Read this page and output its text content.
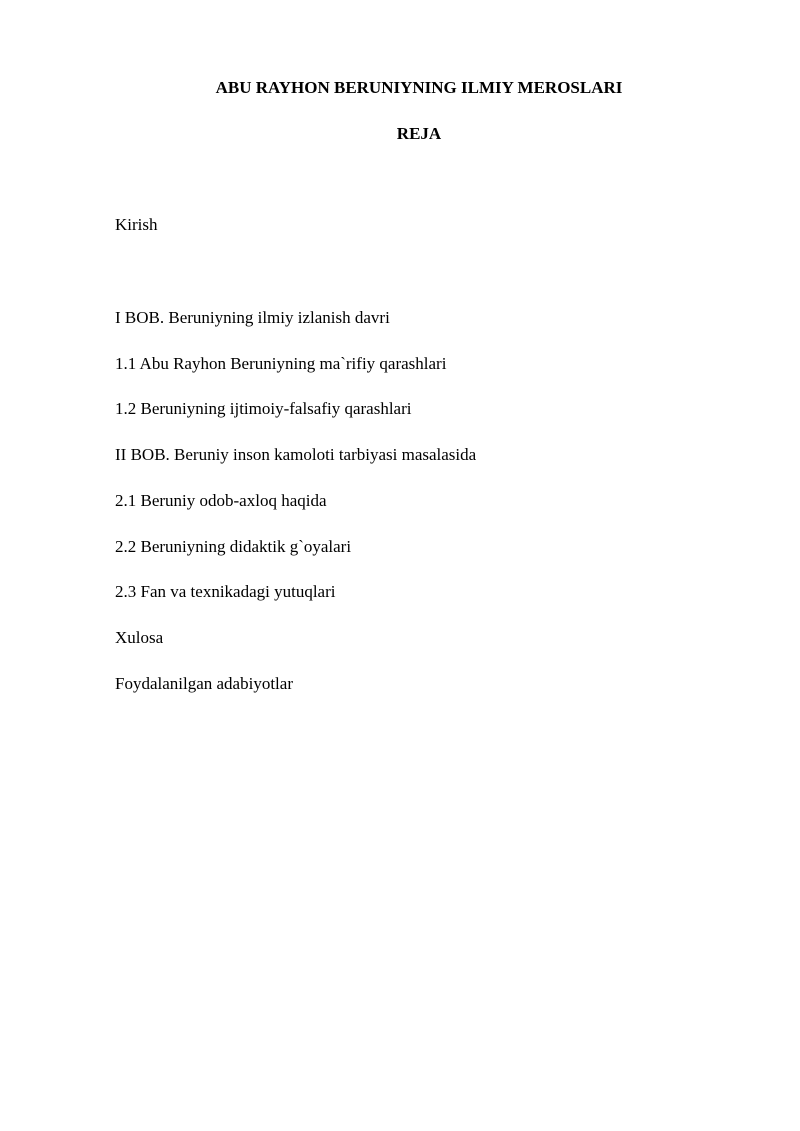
ABU RAYHON BERUNIYNING ILMIY MEROSLARI
REJA
Kirish
I BOB. Beruniyning ilmiy izlanish davri
1.1 Abu Rayhon Beruniyning ma`rifiy qarashlari
1.2 Beruniyning ijtimoiy-falsafiy qarashlari
II BOB. Beruniy inson kamoloti tarbiyasi masalasida
2.1 Beruniy odob-axloq haqida
2.2 Beruniyning didaktik g`oyalari
2.3 Fan va texnikadagi yutuqlari
Xulosa
Foydalanilgan adabiyotlar
